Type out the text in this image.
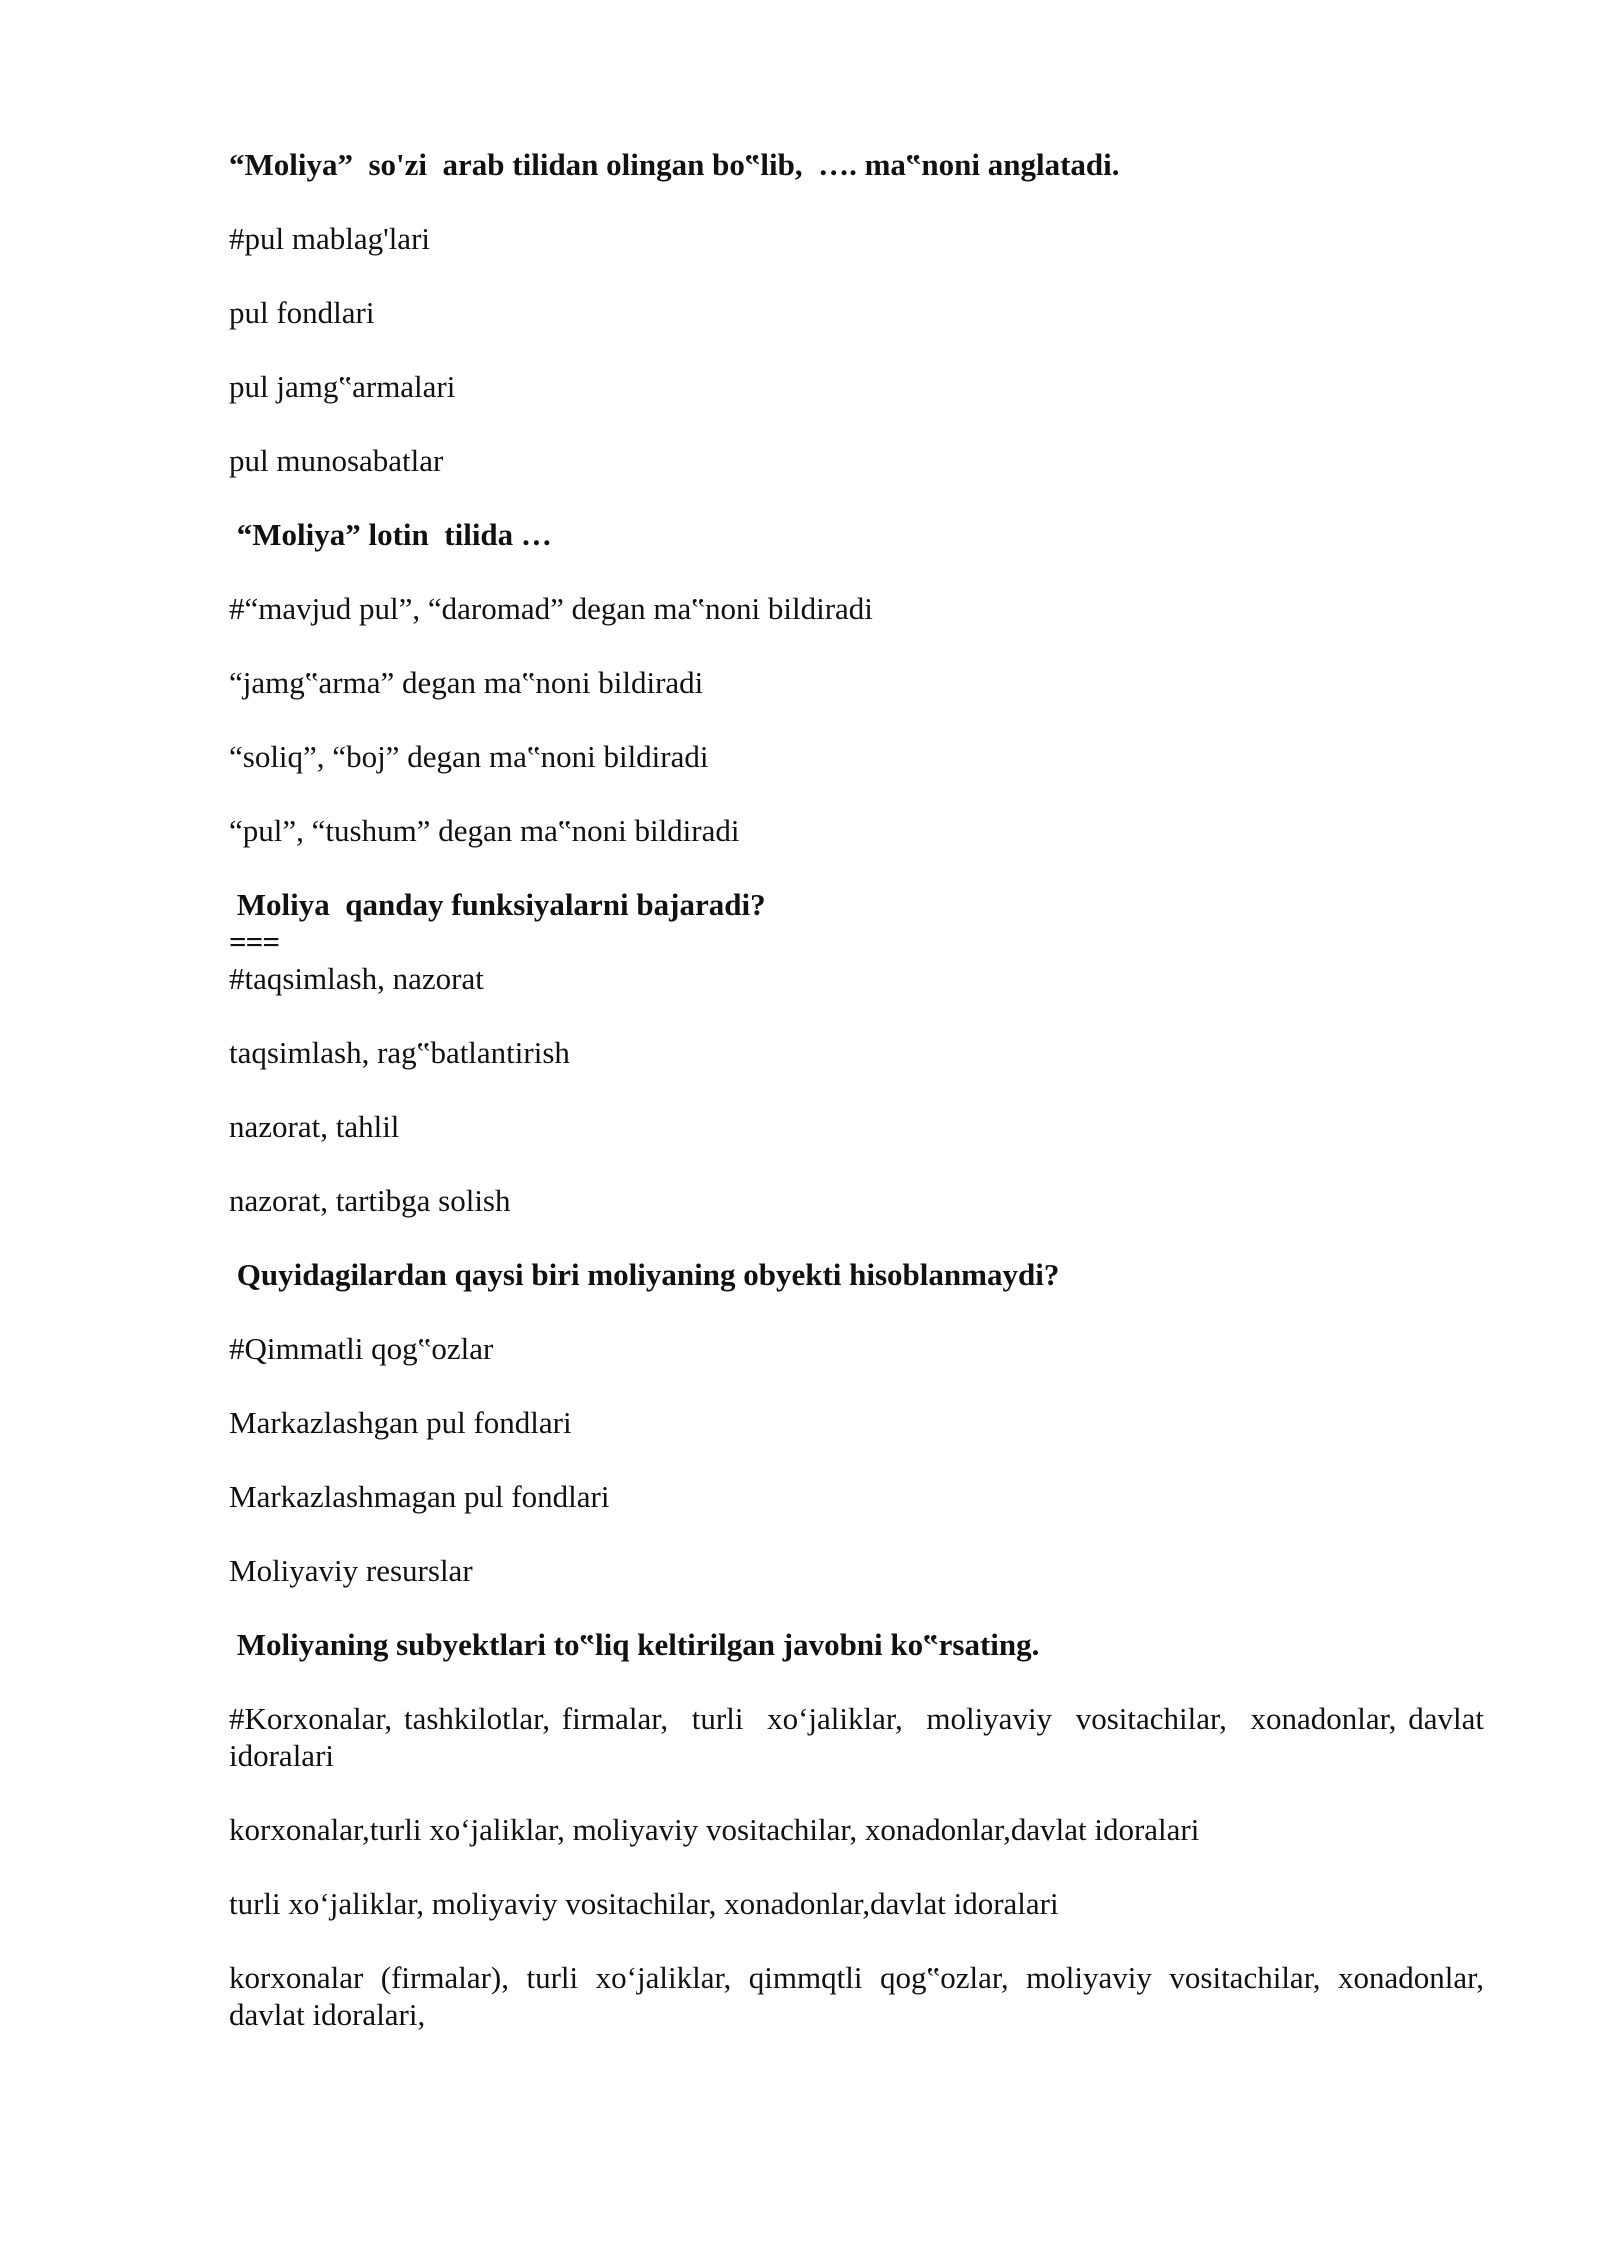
“Moliya”  so'zi  arab tilidan olingan bo‟lib,  …. ma‟noni anglatadi.

#pul mablag'lari

pul fondlari

pul jamg‟armalari

pul munosabatlar

“Moliya” lotin  tilida …

#“mavjud pul”, “daromad” degan ma‟noni bildiradi

“jamg‟arma” degan ma‟noni bildiradi

“soliq”, “boj” degan ma‟noni bildiradi

“pul”, “tushum” degan ma‟noni bildiradi

Moliya  qanday funksiyalarni bajaradi?

===

#taqsimlash, nazorat

taqsimlash, rag‟batlantirish

nazorat, tahlil

nazorat, tartibga solish

Quyidagilardan qaysi biri moliyaning obyekti hisoblanmaydi?

#Qimmatli qog‟ozlar

Markazlashgan pul fondlari

Markazlashmagan pul fondlari

Moliyaviy resurslar

Moliyaning subyektlari to‟liq keltirilgan javobni ko‟rsating.

#Korxonalar, tashkilotlar, firmalar,  turli  xo‘jaliklar,  moliyaviy  vositachilar,  xonadonlar, davlat idoralari

korxonalar,turli xo‘jaliklar, moliyaviy vositachilar, xonadonlar,davlat idoralari

turli xo‘jaliklar, moliyaviy vositachilar, xonadonlar,davlat idoralari

korxonalar (firmalar), turli xo‘jaliklar, qimmqtli qog‟ozlar, moliyaviy vositachilar, xonadonlar, davlat idoralari,
